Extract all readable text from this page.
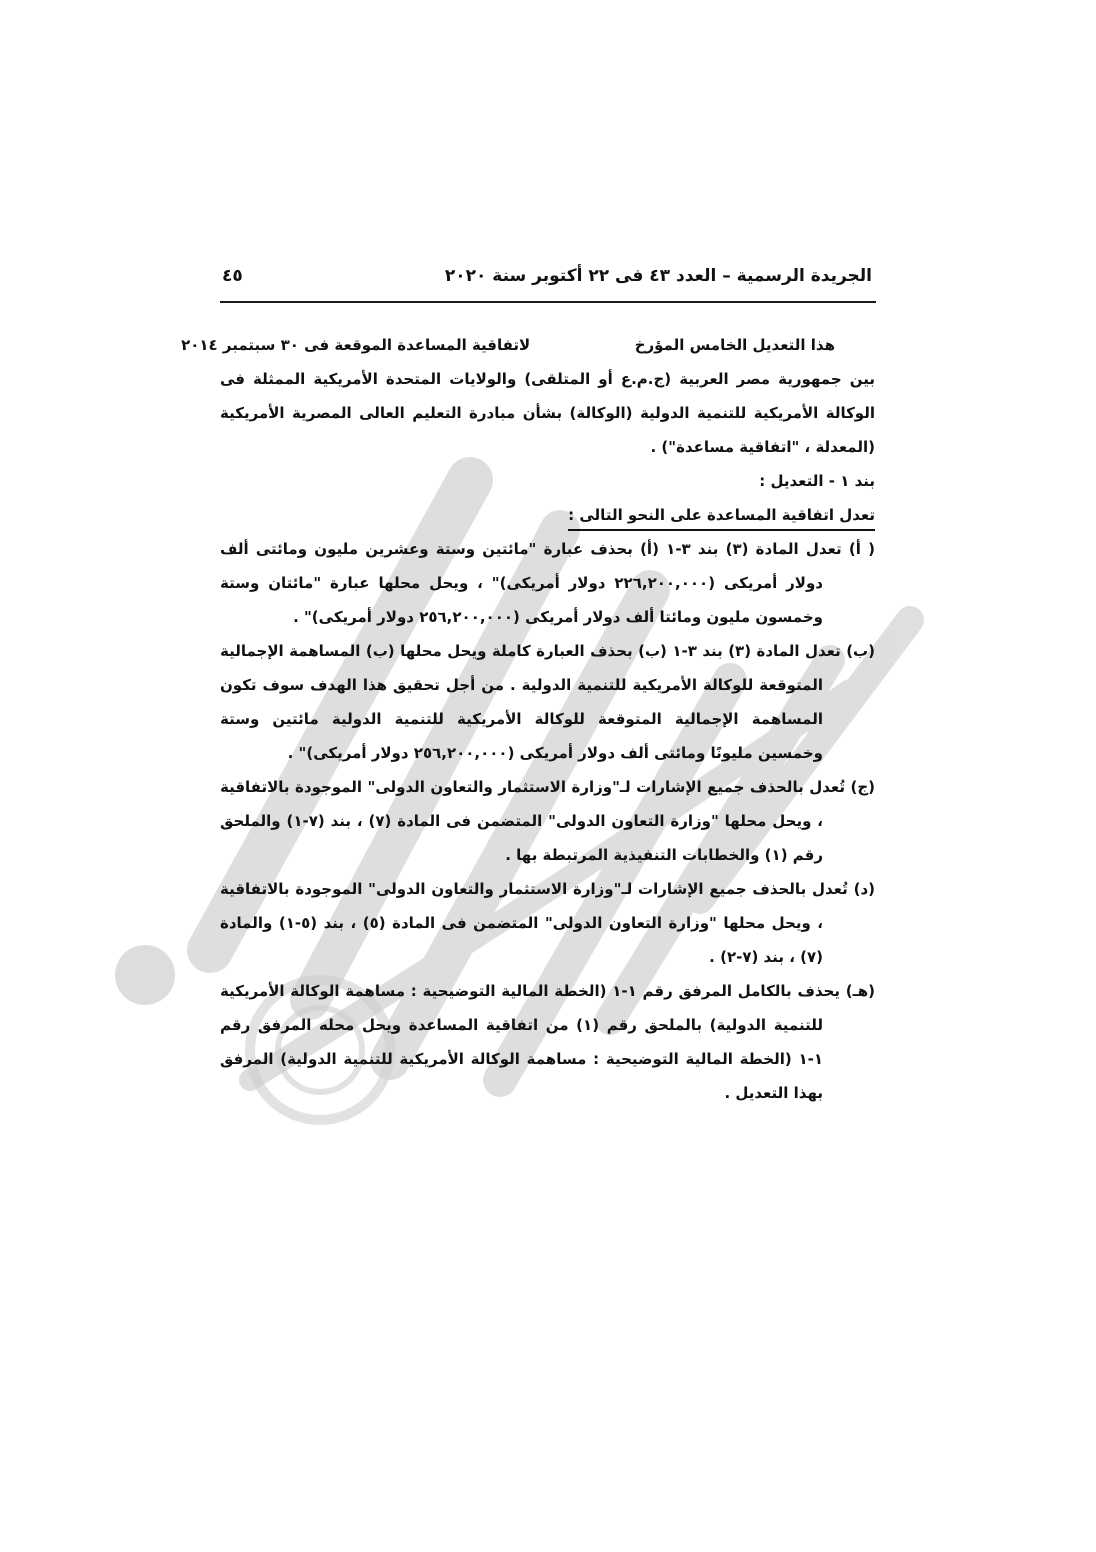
الجريدة الرسمية – العدد ٤٣ فى ٢٢ أكتوبر سنة ٢٠٢٠
٤٥

هذا التعديل الخامس المؤرخ                    لاتفاقية المساعدة الموقعة فى ٣٠ سبتمبر ٢٠١٤

بين جمهورية مصر العربية (ج.م.ع أو المتلقى) والولايات المتحدة الأمريكية الممثلة فى الوكالة الأمريكية للتنمية الدولية (الوكالة) بشأن مبادرة التعليم العالى المصرية الأمريكية (المعدلة ، "اتفاقية مساعدة") .

بند ١ - التعديل :

تعدل اتفاقية المساعدة على النحو التالى :

( أ) تعدل المادة (٣) بند ٣-١ (أ) بحذف عبارة "مائتين وستة وعشرين مليون ومائتى ألف دولار أمريكى (٢٢٦,٢٠٠,٠٠٠ دولار أمريكى)" ، ويحل محلها عبارة "مائتان وستة وخمسون مليون ومائتا ألف دولار أمريكى (٢٥٦,٢٠٠,٠٠٠ دولار أمريكى)" .

(ب) تعدل المادة (٣) بند ٣-١ (ب) بحذف العبارة كاملة ويحل محلها (ب) المساهمة الإجمالية المتوقعة للوكالة الأمريكية للتنمية الدولية . من أجل تحقيق هذا الهدف سوف تكون المساهمة الإجمالية المتوقعة للوكالة الأمريكية للتنمية الدولية مائتين وستة وخمسين مليونًا ومائتى ألف دولار أمريكى (٢٥٦,٢٠٠,٠٠٠ دولار أمريكى)" .

(ج) تُعدل بالحذف جميع الإشارات لـ"وزارة الاستثمار والتعاون الدولى" الموجودة بالاتفاقية ، ويحل محلها "وزارة التعاون الدولى" المتضمن فى المادة (٧) ، بند (٧-١) والملحق رقم (١) والخطابات التنفيذية المرتبطة بها .

(د) تُعدل بالحذف جميع الإشارات لـ"وزارة الاستثمار والتعاون الدولى" الموجودة بالاتفاقية ، ويحل محلها "وزارة التعاون الدولى" المتضمن فى المادة (٥) ، بند (٥-١) والمادة (٧) ، بند (٧-٢) .

(هـ) يحذف بالكامل المرفق رقم ١-١ (الخطة المالية التوضيحية : مساهمة الوكالة الأمريكية للتنمية الدولية) بالملحق رقم (١) من اتفاقية المساعدة ويحل محله المرفق رقم ١-١ (الخطة المالية التوضيحية : مساهمة الوكالة الأمريكية للتنمية الدولية) المرفق بهذا التعديل .
